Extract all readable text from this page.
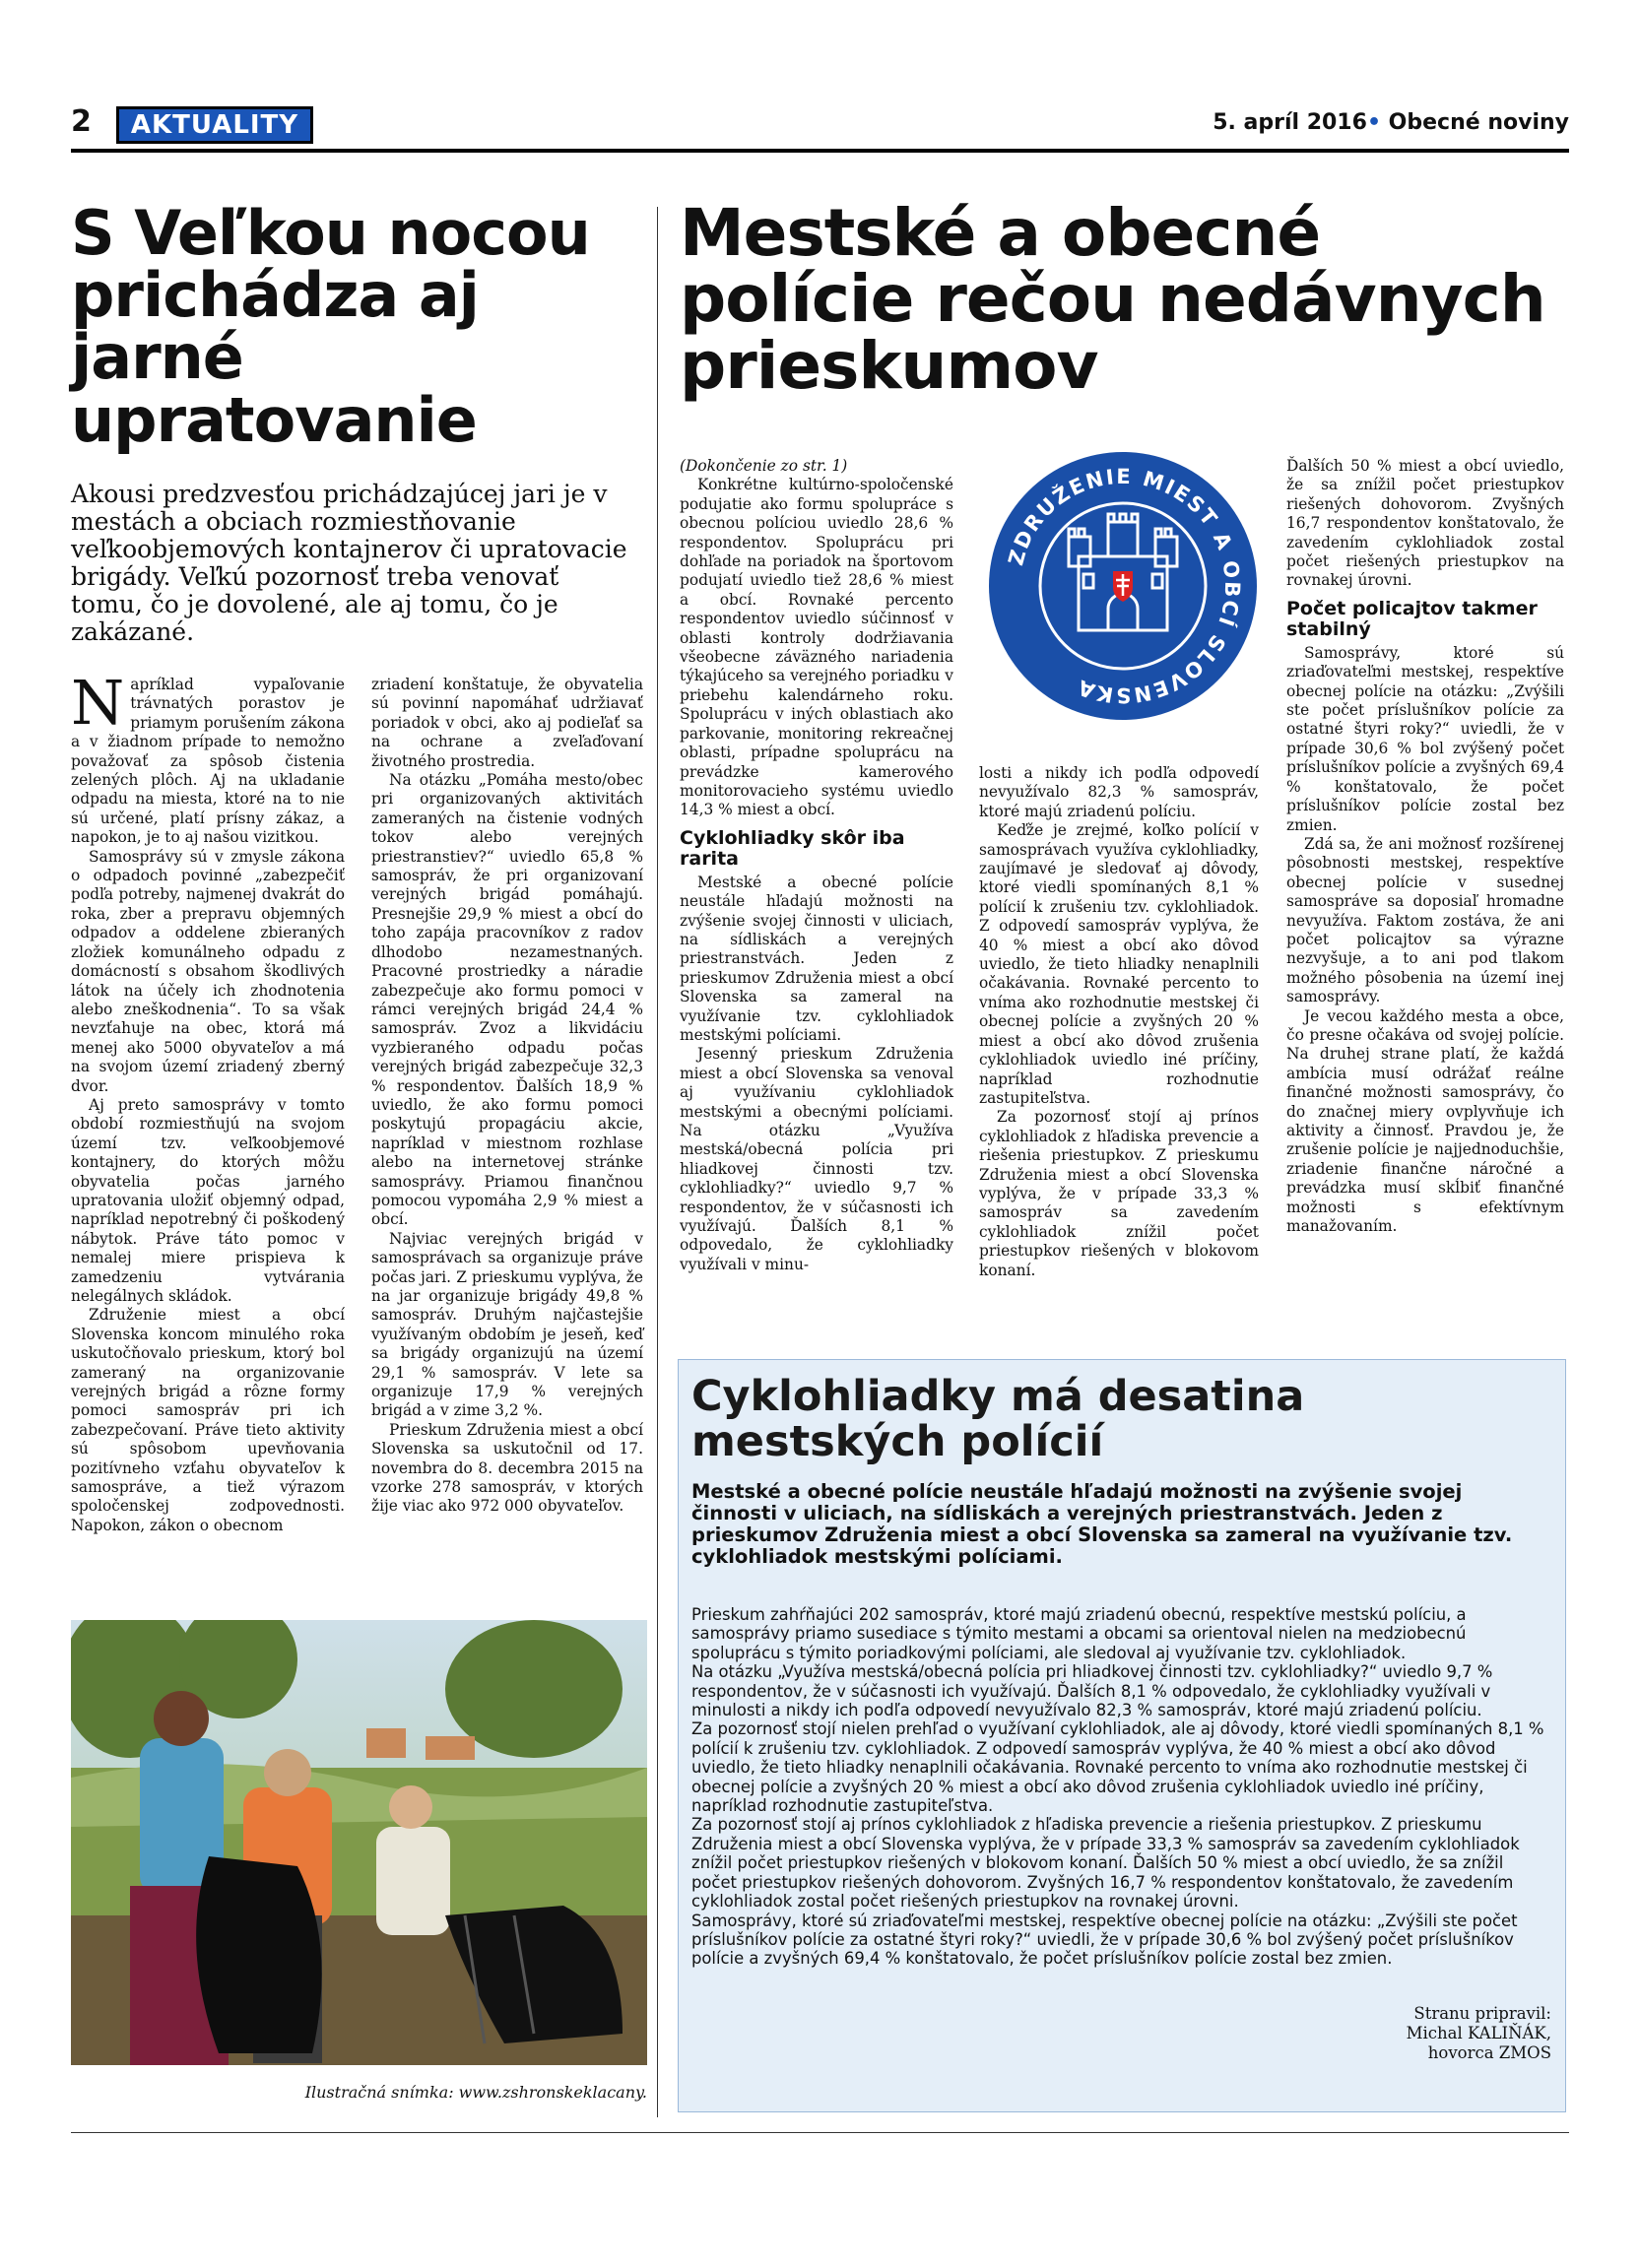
2	AKTUALITY	5. apríl 2016• Obecné noviny
S Veľkou nocou prichádza aj jarné upratovanie
Akousi predzvesťou prichádzajúcej jari je v mestách a obciach rozmiestňovanie veľkoobjemových kontajnerov či upratovacie brigády. Veľkú pozornosť treba venovať tomu, čo je dovolené, ale aj tomu, čo je zakázané.

Napríklad vypaľovanie trávnatých porastov je priamym porušením zákona a v žiadnom prípade to nemožno považovať za spôsob čistenia zelených plôch. Aj na ukladanie odpadu na miesta, ktoré na to nie sú určené, platí prísny zákaz, a napokon, je to aj našou vizitkou.

Samosprávy sú v zmysle zákona o odpadoch povinné „zabezpečiť podľa potreby, najmenej dvakrát do roka, zber a prepravu objemných odpadov a oddelene zbieraných zložiek komunálneho odpadu z domácností s obsahom škodlivých látok na účely ich zhodnotenia alebo zneškodnenia“. To sa však nevzťahuje na obec, ktorá má menej ako 5000 obyvateľov a má na svojom území zriadený zberný dvor.

Aj preto samosprávy v tomto období rozmiestňujú na svojom území tzv. veľkoobjemové kontajnery, do ktorých môžu obyvatelia počas jarného upratovania uložiť objemný odpad, napríklad nepotrebný či poškodený nábytok. Práve táto pomoc v nemalej miere prispieva k zamedzeniu vytvárania nelegálnych skládok.

Združenie miest a obcí Slovenska koncom minulého roka uskutočňovalo prieskum, ktorý bol zameraný na organizovanie verejných brigád a rôzne formy pomoci samospráv pri ich zabezpečovaní. Práve tieto aktivity sú spôsobom upevňovania pozitívneho vzťahu obyvateľov k samospráve, a tiež výrazom spoločenskej zodpovednosti. Napokon, zákon o obecnom

zriadení konštatuje, že obyvatelia sú povinní napomáhať udržiavať poriadok v obci, ako aj podieľať sa na ochrane a zveľaďovaní životného prostredia.

Na otázku „Pomáha mesto/obec pri organizovaných aktivitách zameraných na čistenie vodných tokov alebo verejných priestranstiev?“ uviedlo 65,8 % samospráv, že pri organizovaní verejných brigád pomáhajú. Presnejšie 29,9 % miest a obcí do toho zapája pracovníkov z radov dlhodobo nezamestnaných. Pracovné prostriedky a náradie zabezpečuje ako formu pomoci v rámci verejných brigád 24,4 % samospráv. Zvoz a likvidáciu vyzbieraného odpadu počas verejných brigád zabezpečuje 32,3 % respondentov. Ďalších 18,9 % uviedlo, že ako formu pomoci poskytujú propagáciu akcie, napríklad v miestnom rozhlase alebo na internetovej stránke samosprávy. Priamou finančnou pomocou vypomáha 2,9 % miest a obcí.

Najviac verejných brigád v samosprávach sa organizuje práve počas jari. Z prieskumu vyplýva, že na jar organizuje brigády 49,8 % samospráv. Druhým najčastejšie využívaným obdobím je jeseň, keď sa brigády organizujú na území 29,1 % samospráv. V lete sa organizuje 17,9 % verejných brigád a v zime 3,2 %.

Prieskum Združenia miest a obcí Slovenska sa uskutočnil od 17. novembra do 8. decembra 2015 na vzorke 278 samospráv, v ktorých žije viac ako 972 000 obyvateľov.

Ilustračná snímka: www.zshronskeklacany.
Mestské a obecné polície rečou nedávnych prieskumov

(Dokončenie zo str. 1)

Konkrétne kultúrno-spoločenské podujatie ako formu spolupráce s obecnou políciou uviedlo 28,6 % respondentov. Spoluprácu pri dohľade na poriadok na športovom podujatí uviedlo tiež 28,6 % miest a obcí. Rovnaké percento respondentov uviedlo súčinnosť v oblasti kontroly dodržiavania všeobecne záväzného nariadenia týkajúceho sa verejného poriadku v priebehu kalendárneho roku. Spoluprácu v iných oblastiach ako parkovanie, monitoring rekreačnej oblasti, prípadne spoluprácu na prevádzke kamerového monitorovacieho systému uviedlo 14,3 % miest a obcí.

Cyklohliadky skôr iba rarita

Mestské a obecné polície neustále hľadajú možnosti na zvýšenie svojej činnosti v uliciach, na sídliskách a verejných priestranstvách. Jeden z prieskumov Združenia miest a obcí Slovenska sa zameral na využívanie tzv. cyklohliadok mestskými políciami.

Jesenný prieskum Združenia miest a obcí Slovenska sa venoval aj využívaniu cyklohliadok mestskými a obecnými políciami. Na otázku „Využíva mestská/obecná polícia pri hliadkovej činnosti tzv. cyklohliadky?“ uviedlo 9,7 % respondentov, že v súčasnosti ich využívajú. Ďalších 8,1 % odpovedalo, že cyklohliadky využívali v minu-

ZDRUŽENIE MIEST A OBCÍ SLOVENSKA

losti a nikdy ich podľa odpovedí nevyužívalo 82,3 % samospráv, ktoré majú zriadenú políciu.

Keďže je zrejmé, koľko polícií v samosprávach využíva cyklohliadky, zaujímavé je sledovať aj dôvody, ktoré viedli spomínaných 8,1 % polícií k zrušeniu tzv. cyklohliadok. Z odpovedí samospráv vyplýva, že 40 % miest a obcí ako dôvod uviedlo, že tieto hliadky nenaplnili očakávania. Rovnaké percento to vníma ako rozhodnutie mestskej či obecnej polície a zvyšných 20 % miest a obcí ako dôvod zrušenia cyklohliadok uviedlo iné príčiny, napríklad rozhodnutie zastupiteľstva.

Za pozornosť stojí aj prínos cyklohliadok z hľadiska prevencie a riešenia priestupkov. Z prieskumu Združenia miest a obcí Slovenska vyplýva, že v prípade 33,3 % samospráv sa zavedením cyklohliadok znížil počet priestupkov riešených v blokovom konaní.

Ďalších 50 % miest a obcí uviedlo, že sa znížil počet priestupkov riešených dohovorom. Zvyšných 16,7 respondentov konštatovalo, že zavedením cyklohliadok zostal počet riešených priestupkov na rovnakej úrovni.

Počet policajtov takmer stabilný

Samosprávy, ktoré sú zriaďovateľmi mestskej, respektíve obecnej polície na otázku: „Zvýšili ste počet príslušníkov polície za ostatné štyri roky?“ uviedli, že v prípade 30,6 % bol zvýšený počet príslušníkov polície a zvyšných 69,4 % konštatovalo, že počet príslušníkov polície zostal bez zmien.

Zdá sa, že ani možnosť rozšírenej pôsobnosti mestskej, respektíve obecnej polície v susednej samospráve sa doposiaľ hromadne nevyužíva. Faktom zostáva, že ani počet policajtov sa výrazne nezvyšuje, a to ani pod tlakom možného pôsobenia na území inej samosprávy.

Je vecou každého mesta a obce, čo presne očakáva od svojej polície. Na druhej strane platí, že každá ambícia musí odrážať reálne finančné možnosti samosprávy, čo do značnej miery ovplyvňuje ich aktivity a činnosť. Pravdou je, že zrušenie polície je najjednoduchšie, zriadenie finančne náročné a prevádzka musí skĺbiť finančné možnosti s efektívnym manažovaním.

Cyklohliadky má desatina mestských polícií
Mestské a obecné polície neustále hľadajú možnosti na zvýšenie svojej činnosti v uliciach, na sídliskách a verejných priestranstvách. Jeden z prieskumov Združenia miest a obcí Slovenska sa zameral na využívanie tzv. cyklohliadok mestskými políciami.

Prieskum zahŕňajúci 202 samospráv, ktoré majú zriadenú obecnú, respektíve mestskú políciu, a samosprávy priamo susediace s týmito mestami a obcami sa orientoval nielen na medziobecnú spoluprácu s týmito poriadkovými políciami, ale sledoval aj využívanie tzv. cyklohliadok.

Na otázku „Využíva mestská/obecná polícia pri hliadkovej činnosti tzv. cyklohliadky?“ uviedlo 9,7 % respondentov, že v súčasnosti ich využívajú. Ďalších 8,1 % odpovedalo, že cyklohliadky využívali v minulosti a nikdy ich podľa odpovedí nevyužívalo 82,3 % samospráv, ktoré majú zriadenú políciu.

Za pozornosť stojí nielen prehľad o využívaní cyklohliadok, ale aj dôvody, ktoré viedli spomínaných 8,1 % polícií k zrušeniu tzv. cyklohliadok. Z odpovedí samospráv vyplýva, že 40 % miest a obcí ako dôvod uviedlo, že tieto hliadky nenaplnili očakávania. Rovnaké percento to vníma ako rozhodnutie mestskej či obecnej polície a zvyšných 20 % miest a obcí ako dôvod zrušenia cyklohliadok uviedlo iné príčiny, napríklad rozhodnutie zastupiteľstva.

Za pozornosť stojí aj prínos cyklohliadok z hľadiska prevencie a riešenia priestupkov. Z prieskumu Združenia miest a obcí Slovenska vyplýva, že v prípade 33,3 % samospráv sa zavedením cyklohliadok znížil počet priestupkov riešených v blokovom konaní. Ďalších 50 % miest a obcí uviedlo, že sa znížil počet priestupkov riešených dohovorom. Zvyšných 16,7 % respondentov konštatovalo, že zavedením cyklohliadok zostal počet riešených priestupkov na rovnakej úrovni.

Samosprávy, ktoré sú zriaďovateľmi mestskej, respektíve obecnej polície na otázku: „Zvýšili ste počet príslušníkov polície za ostatné štyri roky?“ uviedli, že v prípade 30,6 % bol zvýšený počet príslušníkov polície a zvyšných 69,4 % konštatovalo, že počet príslušníkov polície zostal bez zmien.

Stranu pripravil:
Michal KALIŇÁK,
hovorca ZMOS
